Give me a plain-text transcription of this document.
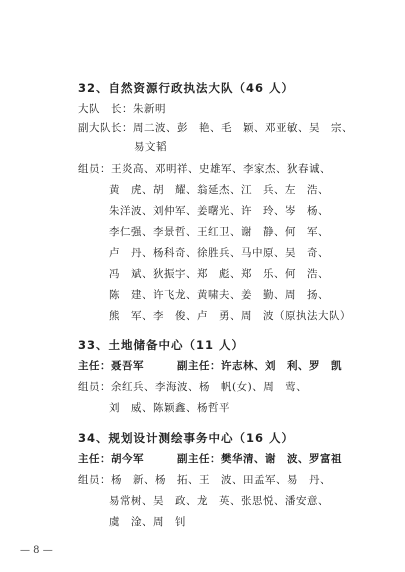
32、自然资源行政执法大队（46 人）
大队　长：朱新明
副大队长：周二波、彭　艳、毛　颖、邓亚敏、吴　宗、
易文韬
组员：王炎高、邓明祥、史雄军、李家杰、狄春诚、
黄　虎、胡　耀、翁延杰、江　兵、左　浩、
朱洋波、刘仲军、姜曙光、许　玲、岑　杨、
李仁强、李景哲、王红卫、谢　静、何　军、
卢　丹、杨科奇、徐胜兵、马中原、吴　奇、
冯　斌、狄振宇、郑　彪、郑　乐、何　浩、
陈　建、许飞龙、黄啸夫、姜　勤、周　扬、
熊　军、李　俊、卢　勇、周　波（原执法大队）
33、土地储备中心（11 人）
主任：聂吾军　　　副主任：许志林、刘　利、罗　凯
组员：余红兵、李海波、杨　帆(女)、周　莺、
刘　威、陈颖鑫、杨哲平
34、规划设计测绘事务中心（16 人）
主任：胡今军　　　副主任：樊华清、谢　波、罗富祖
组员：杨　新、杨　拓、王　波、田孟军、易　丹、
易常树、吴　政、龙　英、张思悦、潘安意、
虞　淦、周　钊
— 8 —
